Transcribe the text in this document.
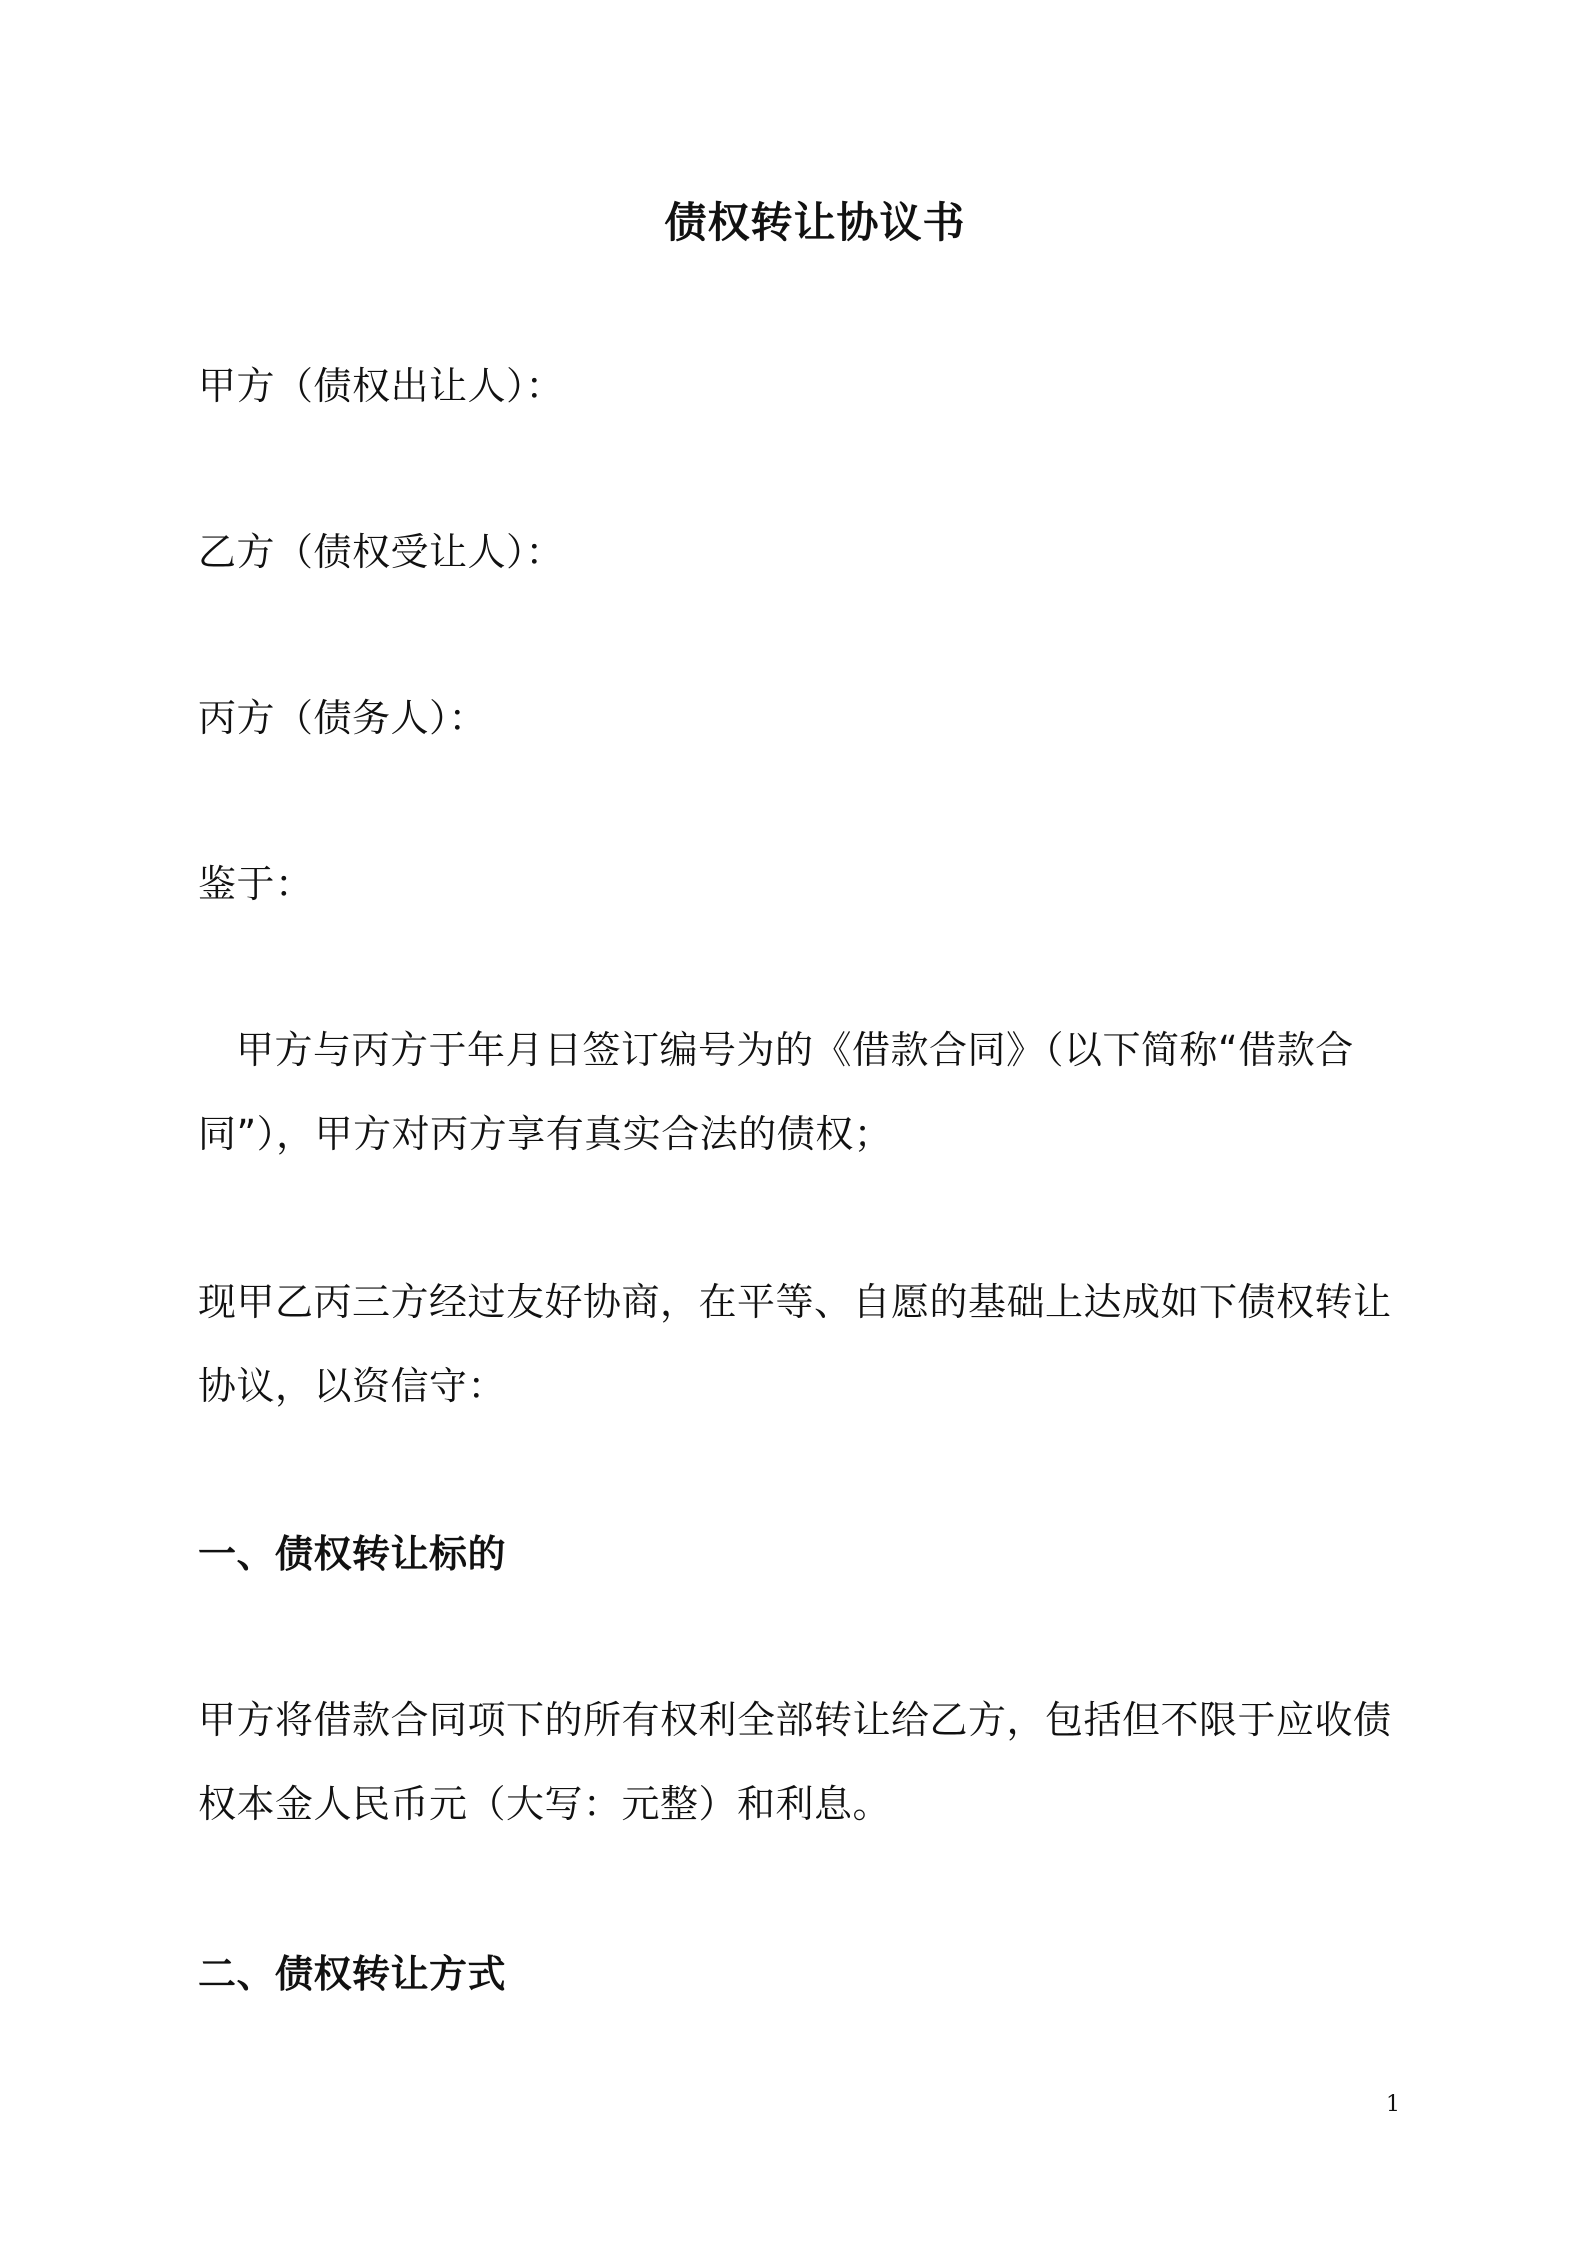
债权转让协议书
甲方（债权出让人）：
乙方（债权受让人）：
丙方（债务人）：
鉴于：
甲方与丙方于年月日签订编号为的《借款合同》（以下简称“借款合同”），甲方对丙方享有真实合法的债权；
现甲乙丙三方经过友好协商，在平等、自愿的基础上达成如下债权转让协议，以资信守：
一、债权转让标的
甲方将借款合同项下的所有权利全部转让给乙方，包括但不限于应收债权本金人民币元（大写：元整）和利息。
二、债权转让方式
1
